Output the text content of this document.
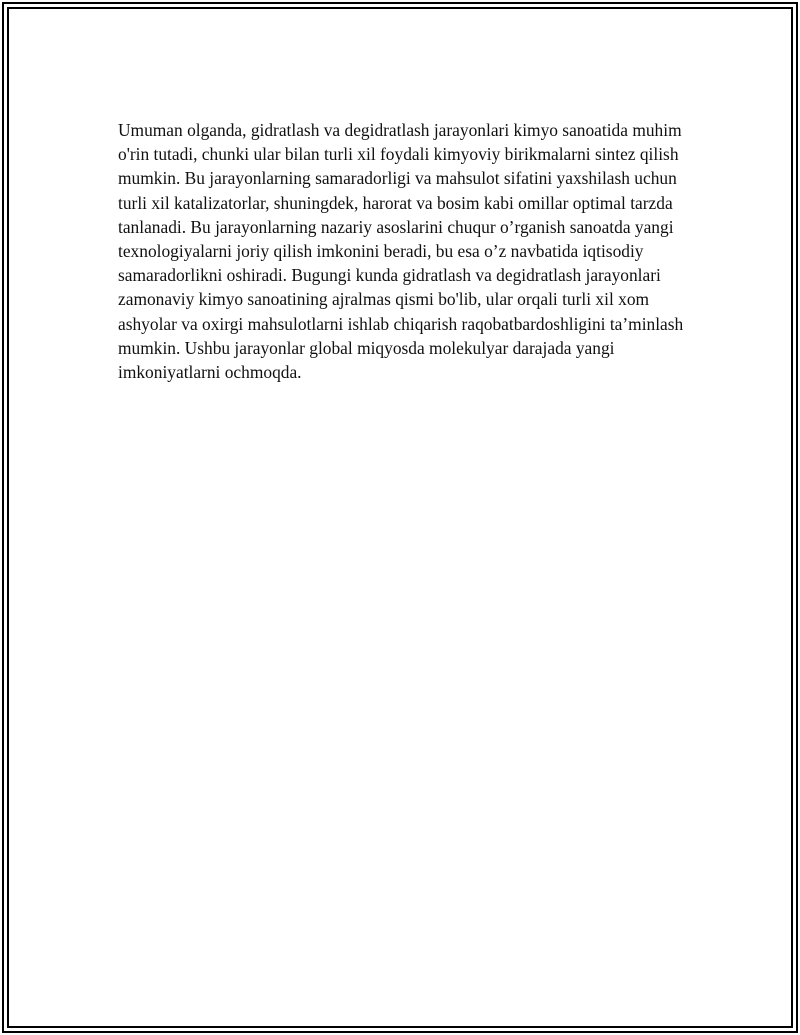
Umuman olganda, gidratlash va degidratlash jarayonlari kimyo sanoatida muhim o'rin tutadi, chunki ular bilan turli xil foydali kimyoviy birikmalarni sintez qilish mumkin. Bu jarayonlarning samaradorligi va mahsulot sifatini yaxshilash uchun turli xil katalizatorlar, shuningdek, harorat va bosim kabi omillar optimal tarzda tanlanadi. Bu jarayonlarning nazariy asoslarini chuqur o’rganish sanoatda yangi texnologiyalarni joriy qilish imkonini beradi, bu esa o’z navbatida iqtisodiy samaradorlikni oshiradi. Bugungi kunda gidratlash va degidratlash jarayonlari zamonaviy kimyo sanoatining ajralmas qismi bo'lib, ular orqali turli xil xom ashyolar va oxirgi mahsulotlarni ishlab chiqarish raqobatbardoshligini ta’minlash mumkin. Ushbu jarayonlar global miqyosda molekulyar darajada yangi imkoniyatlarni ochmoqda.
